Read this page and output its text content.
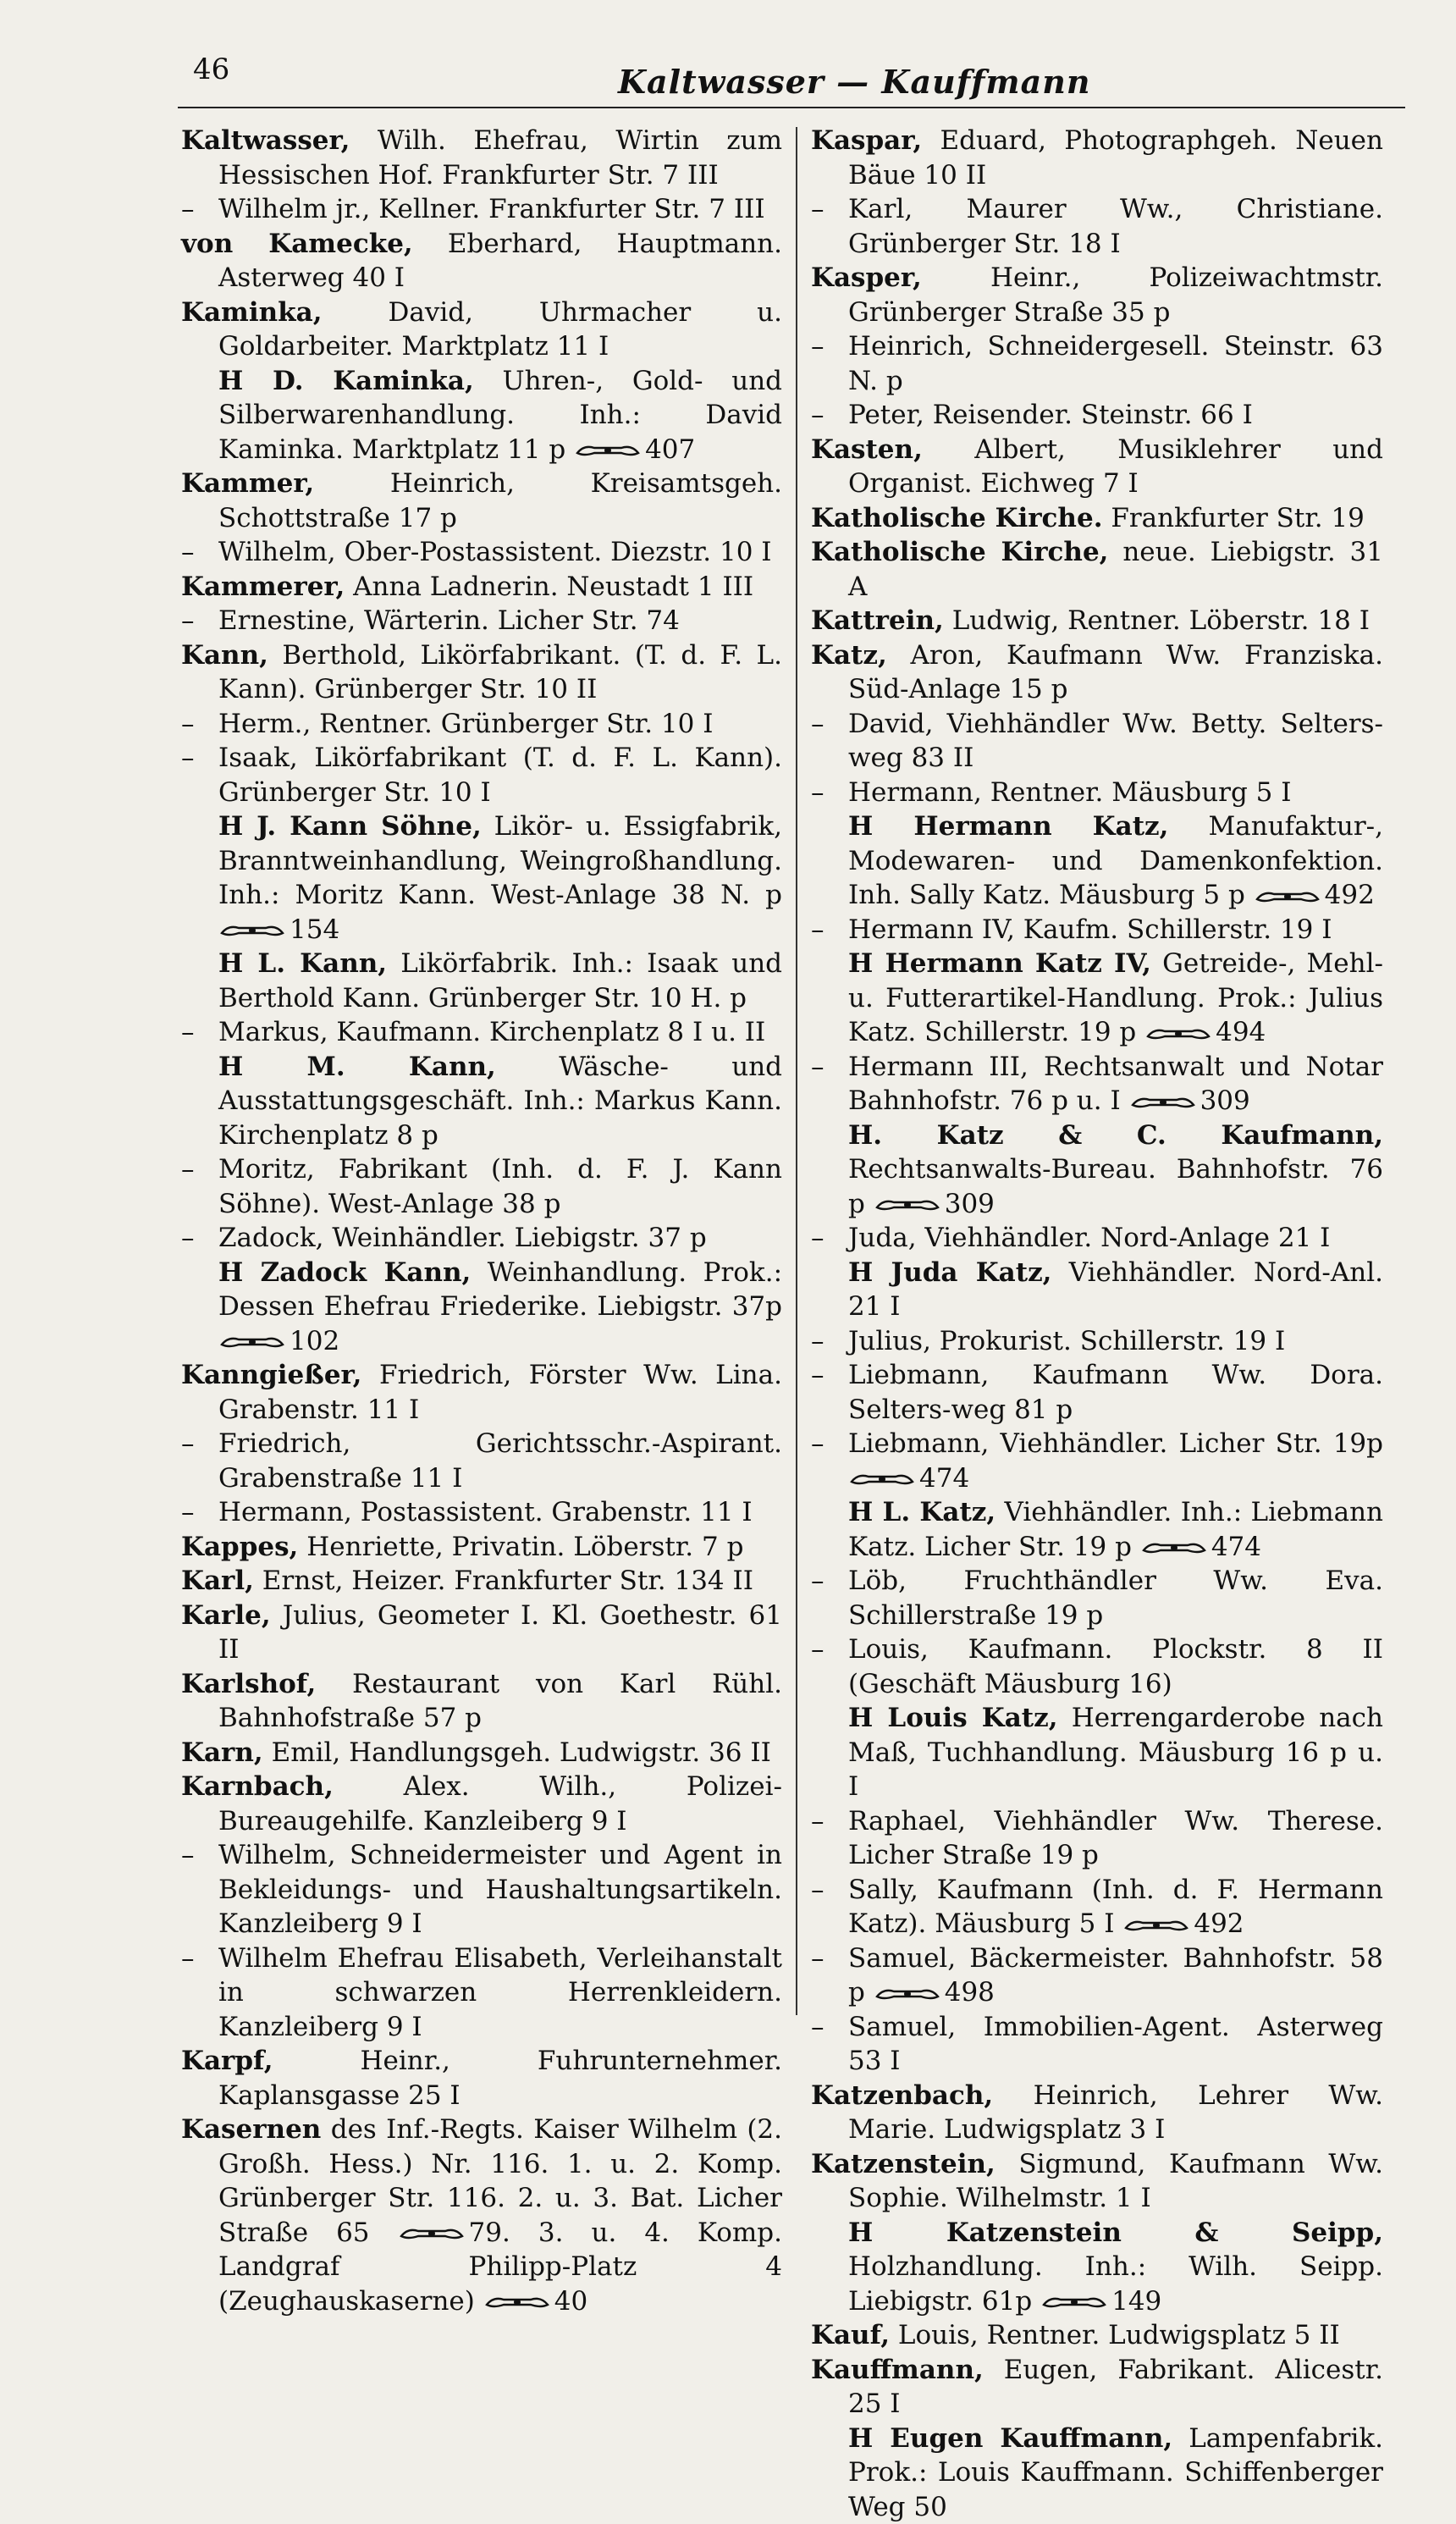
46	Kaltwasser — Kauffmann
Kaltwasser, Wilh. Ehefrau, Wirtin zum Hessischen Hof. Frankfurter Str. 7 III
– Wilhelm jr., Kellner. Frankfurter Str. 7 III
von Kamecke, Eberhard, Hauptmann. Asterweg 40 I
Kaminka,	David, Uhrmacher u. Goldarbeiter. Marktplatz 11 I
H D. Kaminka, Uhren-, Gold- und Silberwarenhandlung. Inh.: David Kaminka. Marktplatz 11 p	407
Kammer,	Heinrich, Kreisamtsgeh. Schottstraße 17 p
– Wilhelm, Ober-Postassistent. Diezstr. 10 I
Kammerer, Anna Ladnerin. Neustadt 1 III
– Ernestine, Wärterin. Licher Str. 74
Kann, Berthold, Likörfabrikant. (T. d. F. L. Kann). Grünberger Str. 10 II
– Herm., Rentner. Grünberger Str. 10 I
– Isaak, Likörfabrikant (T. d. F. L. Kann). Grünberger Str. 10 I
H J. Kann Söhne, Likör- u. Essigfabrik, Branntweinhandlung, Weingroßhandlung. Inh.: Moritz Kann. West-Anlage 38 N. p
154
H L. Kann, Likörfabrik. Inh.: Isaak und Berthold Kann. Grünberger Str. 10 H. p
– Markus, Kaufmann. Kirchenplatz 8 I u. II
H M. Kann, Wäsche- und Ausstattungsgeschäft. Inh.: Markus Kann. Kirchenplatz 8 p
– Moritz, Fabrikant (Inh. d. F. J. Kann Söhne). West-Anlage 38 p
– Zadock, Weinhändler. Liebigstr. 37 p
H Zadock Kann, Weinhandlung. Prok.: Dessen Ehefrau Friederike. Liebigstr. 37p
102
Kanngießer, Friedrich, Förster Ww. Lina. Grabenstr. 11 I
– Friedrich, Gerichtsschr.-Aspirant. Grabenstraße 11 I
– Hermann, Postassistent. Grabenstr. 11 I
Kappes, Henriette, Privatin. Löberstr. 7 p
Karl, Ernst, Heizer. Frankfurter Str. 134 II
Karle, Julius, Geometer I. Kl. Goethestr. 61 II
Karlshof, Restaurant von Karl Rühl. Bahnhofstraße 57 p
Karn, Emil, Handlungsgeh. Ludwigstr. 36 II
Karnbach,	Alex. Wilh., Polizei-Bureaugehilfe. Kanzleiberg 9 I
– Wilhelm, Schneidermeister und Agent in Bekleidungs- und Haushaltungsartikeln. Kanzleiberg 9 I
– Wilhelm Ehefrau Elisabeth, Verleihanstalt in schwarzen Herrenkleidern. Kanzleiberg 9 I
Karpf,	Heinr., Fuhrunternehmer. Kaplansgasse 25 I
Kasernen des Inf.-Regts. Kaiser Wilhelm (2. Großh. Hess.) Nr. 116. 1. u. 2. Komp. Grünberger Str. 116. 2. u. 3. Bat. Licher Straße 65	79. 3. u. 4. Komp. Landgraf Philipp-Platz 4 (Zeughauskaserne)	40
Kaspar, Eduard, Photographgeh. Neuen Bäue 10 II
– Karl, Maurer Ww., Christiane. Grünberger Str. 18 I
Kasper,	Heinr., Polizeiwachtmstr. Grünberger Straße 35 p
– Heinrich, Schneidergesell. Steinstr. 63 N. p
– Peter, Reisender. Steinstr. 66 I
Kasten, Albert, Musiklehrer und Organist. Eichweg 7 I
Katholische Kirche. Frankfurter Str. 19
Katholische Kirche, neue. Liebigstr. 31 A
Kattrein, Ludwig, Rentner. Löberstr. 18 I
Katz, Aron, Kaufmann Ww. Franziska. Süd-Anlage 15 p
– David, Viehhändler Ww. Betty. Selters-weg 83 II
– Hermann, Rentner. Mäusburg 5 I
H Hermann Katz, Manufaktur-, Modewaren- und Damenkonfektion. Inh. Sally Katz. Mäusburg 5 p	492
– Hermann IV, Kaufm. Schillerstr. 19 I
H Hermann Katz IV, Getreide-, Mehl- u. Futterartikel-Handlung. Prok.: Julius Katz. Schillerstr. 19 p	494
– Hermann III, Rechtsanwalt und Notar Bahnhofstr. 76 p u. I	309
H. Katz & C. Kaufmann, Rechtsanwalts-Bureau. Bahnhofstr. 76 p	309
– Juda, Viehhändler. Nord-Anlage 21 I
H Juda Katz, Viehhändler. Nord-Anl. 21 I
– Julius, Prokurist. Schillerstr. 19 I
– Liebmann, Kaufmann Ww. Dora. Selters-weg 81 p
– Liebmann, Viehhändler. Licher Str. 19p
474
H L. Katz, Viehhändler. Inh.: Liebmann Katz. Licher Str. 19 p	474
– Löb, Fruchthändler Ww. Eva. Schillerstraße 19 p
– Louis, Kaufmann. Plockstr. 8 II (Geschäft Mäusburg 16)
H Louis Katz, Herrengarderobe nach Maß, Tuchhandlung. Mäusburg 16 p u. I
– Raphael, Viehhändler Ww. Therese. Licher Straße 19 p
– Sally, Kaufmann (Inh. d. F. Hermann Katz). Mäusburg 5 I	492
– Samuel, Bäckermeister. Bahnhofstr. 58 p	498
– Samuel, Immobilien-Agent. Asterweg 53 I
Katzenbach, Heinrich, Lehrer Ww. Marie. Ludwigsplatz 3 I
Katzenstein, Sigmund, Kaufmann Ww. Sophie. Wilhelmstr. 1 I
H Katzenstein & Seipp, Holzhandlung. Inh.: Wilh. Seipp. Liebigstr. 61p	149
Kauf, Louis, Rentner. Ludwigsplatz 5 II
Kauffmann, Eugen, Fabrikant. Alicestr. 25 I
H Eugen Kauffmann, Lampenfabrik. Prok.: Louis Kauffmann. Schiffenberger Weg 50
